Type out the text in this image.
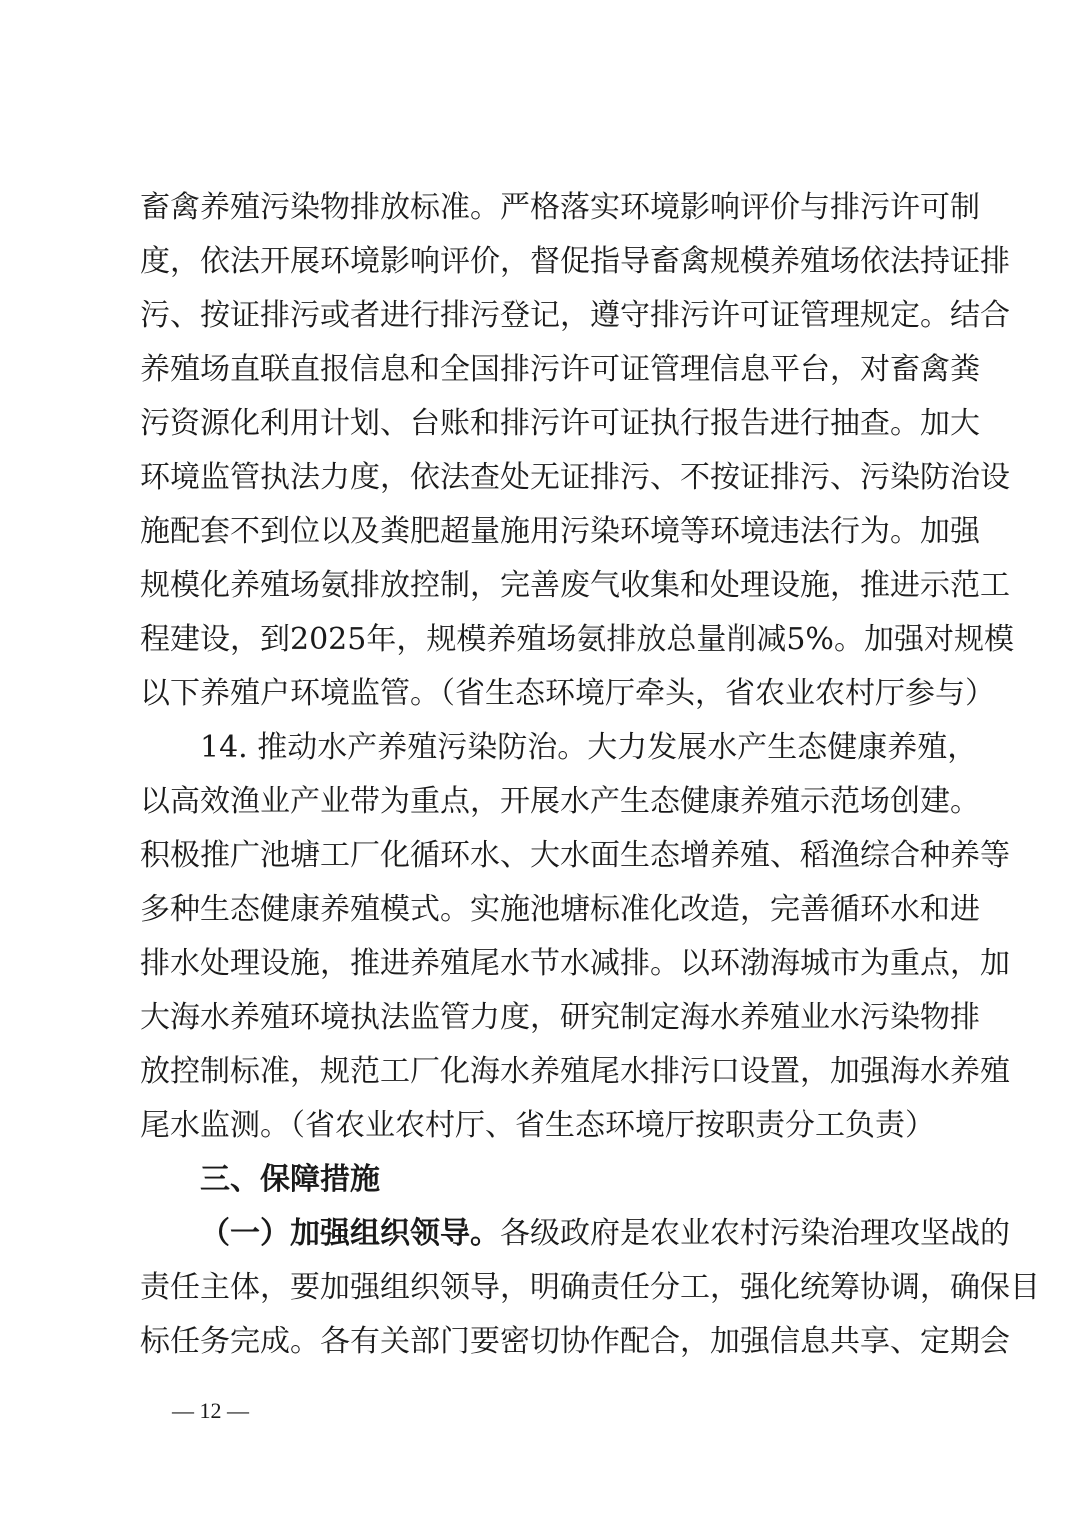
畜禽养殖污染物排放标准。严格落实环境影响评价与排污许可制
度，依法开展环境影响评价，督促指导畜禽规模养殖场依法持证排
污、按证排污或者进行排污登记，遵守排污许可证管理规定。结合
养殖场直联直报信息和全国排污许可证管理信息平台，对畜禽粪
污资源化利用计划、台账和排污许可证执行报告进行抽查。加大
环境监管执法力度，依法查处无证排污、不按证排污、污染防治设
施配套不到位以及粪肥超量施用污染环境等环境违法行为。加强
规模化养殖场氨排放控制，完善废气收集和处理设施，推进示范工
程建设，到2025年，规模养殖场氨排放总量削减5%。加强对规模
以下养殖户环境监管。（省生态环境厅牵头，省农业农村厅参与）
14. 推动水产养殖污染防治。大力发展水产生态健康养殖，
以高效渔业产业带为重点，开展水产生态健康养殖示范场创建。
积极推广池塘工厂化循环水、大水面生态增养殖、稻渔综合种养等
多种生态健康养殖模式。实施池塘标准化改造，完善循环水和进
排水处理设施，推进养殖尾水节水减排。以环渤海城市为重点，加
大海水养殖环境执法监管力度，研究制定海水养殖业水污染物排
放控制标准，规范工厂化海水养殖尾水排污口设置，加强海水养殖
尾水监测。（省农业农村厅、省生态环境厅按职责分工负责）
三、保障措施
（一）加强组织领导。各级政府是农业农村污染治理攻坚战的
责任主体，要加强组织领导，明确责任分工，强化统筹协调，确保目
标任务完成。各有关部门要密切协作配合，加强信息共享、定期会
— 12 —
